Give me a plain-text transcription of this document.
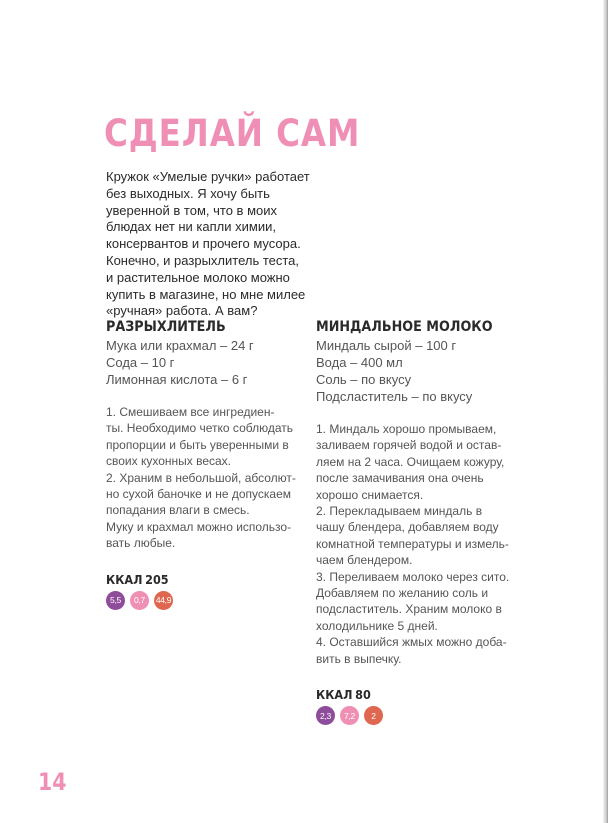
СДЕЛАЙ САМ
Кружок «Умелые ручки» работает
без выходных. Я хочу быть
уверенной в том, что в моих
блюдах нет ни капли химии,
консервантов и прочего мусора.
Конечно, и разрыхлитель теста,
и растительное молоко можно
купить в магазине, но мне милее
«ручная» работа. А вам?
РАЗРЫХЛИТЕЛЬ
Мука или крахмал – 24 г
Сода – 10 г
Лимонная кислота – 6 г
1. Смешиваем все ингредиен-
ты. Необходимо четко соблюдать
пропорции и быть уверенными в
своих кухонных весах.
2. Храним в небольшой, абсолют-
но сухой баночке и не допускаем
попадания влаги в смесь.
Муку и крахмал можно использо-
вать любые.
ККАЛ 205
5,5	0,7	44,9
МИНДАЛЬНОЕ МОЛОКО
Миндаль сырой – 100 г
Вода – 400 мл
Соль – по вкусу
Подсластитель – по вкусу
1. Миндаль хорошо промываем,
заливаем горячей водой и остав-
ляем на 2 часа. Очищаем кожуру,
после замачивания она очень
хорошо снимается.
2. Перекладываем миндаль в
чашу блендера, добавляем воду
комнатной температуры и измель-
чаем блендером.
3. Переливаем молоко через сито.
Добавляем по желанию соль и
подсластитель. Храним молоко в
холодильнике 5 дней.
4. Оставшийся жмых можно доба-
вить в выпечку.
ККАЛ 80
2,3	7,2	2

14
